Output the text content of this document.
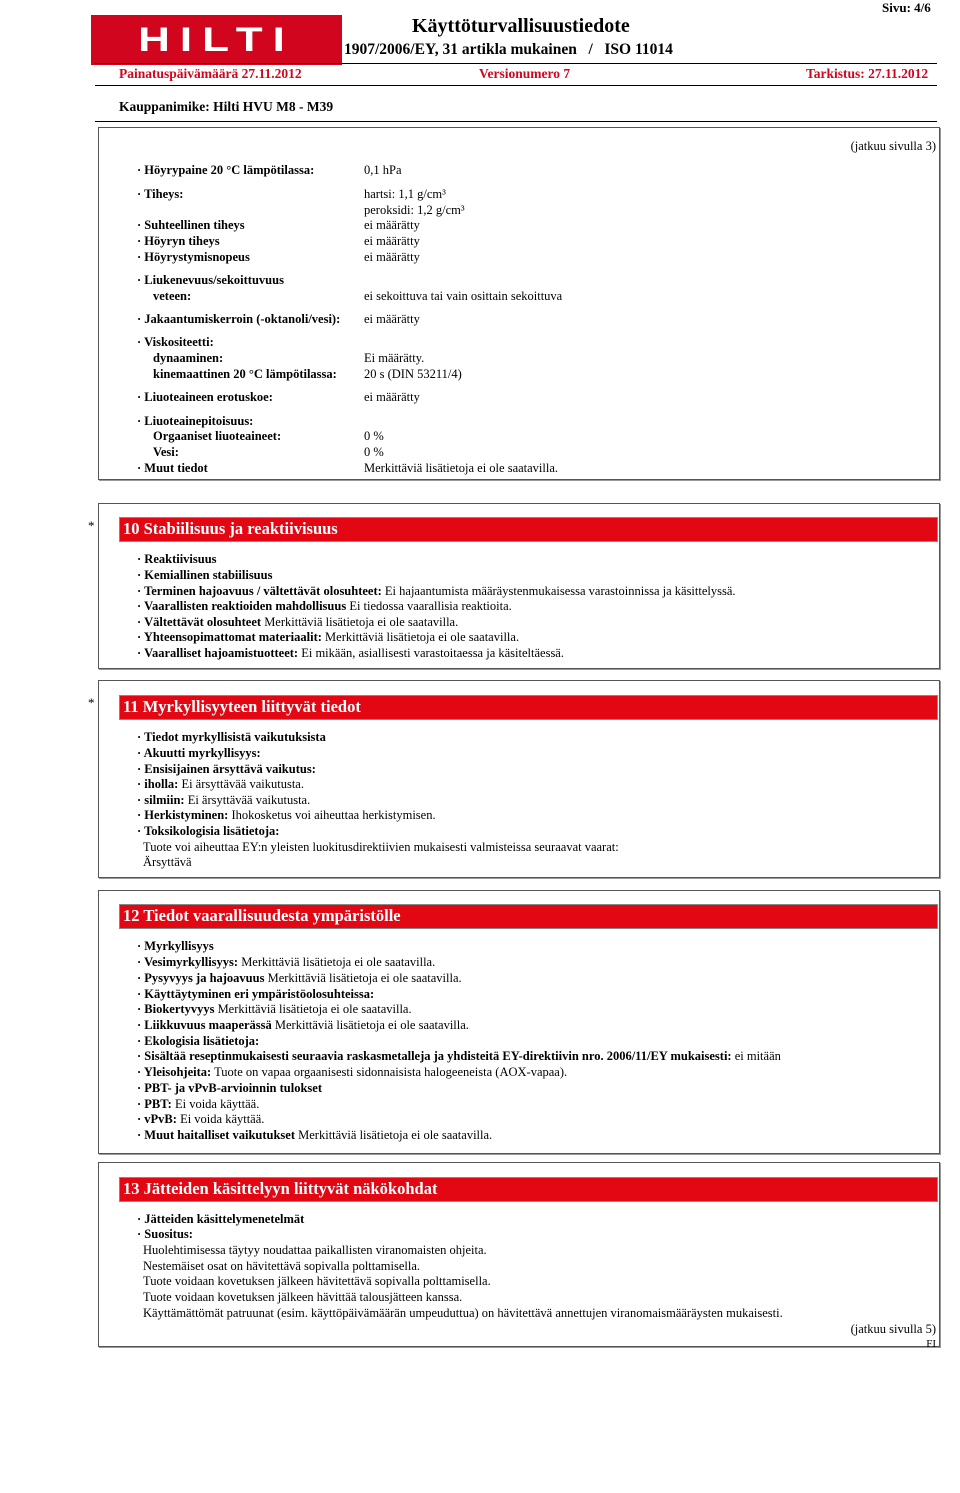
HILTI	Käyttöturvallisuustiedote
1907/2006/EY, 31 artikla mukainen   /   ISO 11014
Sivu: 4/6
Painatuspäivämäärä 27.11.2012	Versionumero 7	Tarkistus: 27.11.2012
Kauppanimike: Hilti HVU M8 - M39
(jatkuu sivulla 3)
· Höyrypaine 20 °C lämpötilassa:	0,1 hPa
· Tiheys:	hartsi: 1,1 g/cm³
peroksidi: 1,2 g/cm³
· Suhteellinen tiheys	ei määrätty
· Höyryn tiheys	ei määrätty
· Höyrystymisnopeus	ei määrätty
· Liukenevuus/sekoittuvuus
veteen:	ei sekoittuva tai vain osittain sekoittuva
· Jakaantumiskerroin (-oktanoli/vesi): ei määrätty
· Viskositeetti:
dynaaminen:	Ei määrätty.
kinemaattinen 20 °C lämpötilassa: 20 s (DIN 53211/4)
· Liuoteaineen erotuskoe:	ei määrätty
· Liuoteainepitoisuus:
Orgaaniset liuoteaineet:	0 %
Vesi:	0 %
· Muut tiedot	Merkittäviä lisätietoja ei ole saatavilla.
* 10 Stabiilisuus ja reaktiivisuus
· Reaktiivisuus
· Kemiallinen stabiilisuus
· Terminen hajoavuus / vältettävät olosuhteet: Ei hajaantumista määräystenmukaisessa varastoinnissa ja käsittelyssä.
· Vaarallisten reaktioiden mahdollisuus Ei tiedossa vaarallisia reaktioita.
· Vältettävät olosuhteet Merkittäviä lisätietoja ei ole saatavilla.
· Yhteensopimattomat materiaalit: Merkittäviä lisätietoja ei ole saatavilla.
· Vaaralliset hajoamistuotteet: Ei mikään, asiallisesti varastoitaessa ja käsiteltäessä.
* 11 Myrkyllisyyteen liittyvät tiedot
· Tiedot myrkyllisistä vaikutuksista
· Akuutti myrkyllisyys:
· Ensisijainen ärsyttävä vaikutus:
· iholla: Ei ärsyttävää vaikutusta.
· silmiin: Ei ärsyttävää vaikutusta.
· Herkistyminen: Ihokosketus voi aiheuttaa herkistymisen.
· Toksikologisia lisätietoja:
Tuote voi aiheuttaa EY:n yleisten luokitusdirektiivien mukaisesti valmisteissa seuraavat vaarat:
Ärsyttävä
12 Tiedot vaarallisuudesta ympäristölle
· Myrkyllisyys
· Vesimyrkyllisyys: Merkittäviä lisätietoja ei ole saatavilla.
· Pysyvyys ja hajoavuus Merkittäviä lisätietoja ei ole saatavilla.
· Käyttäytyminen eri ympäristöolosuhteissa:
· Biokertyvyys Merkittäviä lisätietoja ei ole saatavilla.
· Liikkuvuus maaperässä Merkittäviä lisätietoja ei ole saatavilla.
· Ekologisia lisätietoja:
· Sisältää reseptinmukaisesti seuraavia raskasmetalleja ja yhdisteitä EY-direktiivin nro. 2006/11/EY mukaisesti: ei mitään
· Yleisohjeita: Tuote on vapaa orgaanisesti sidonnaisista halogeeneista (AOX-vapaa).
· PBT- ja vPvB-arvioinnin tulokset
· PBT: Ei voida käyttää.
· vPvB: Ei voida käyttää.
· Muut haitalliset vaikutukset Merkittäviä lisätietoja ei ole saatavilla.
13 Jätteiden käsittelyyn liittyvät näkökohdat
· Jätteiden käsittelymenetelmät
· Suositus:
Huolehtimisessa täytyy noudattaa paikallisten viranomaisten ohjeita.
Nestemäiset osat on hävitettävä sopivalla polttamisella.
Tuote voidaan kovetuksen jälkeen hävitettävä sopivalla polttamisella.
Tuote voidaan kovetuksen jälkeen hävittää talousjätteen kanssa.
Käyttämättömät patruunat (esim. käyttöpäivämäärän umpeuduttua) on hävitettävä annettujen viranomaismääräysten mukaisesti.
(jatkuu sivulla 5)
FI
